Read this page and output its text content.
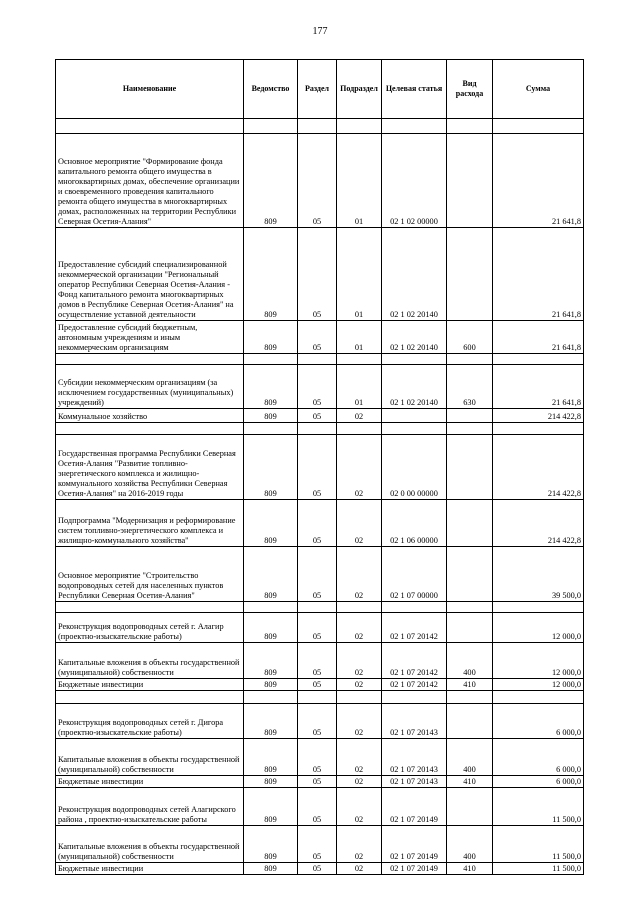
177
Наименование	Ведомство	Раздел	Подраздел	Целевая статья	Вид расхода	Сумма

Основное мероприятие "Формирование фонда капитального ремонта общего имущества в многоквартирных домах, обеспечение организации и своевременного проведения капитального ремонта общего имущества в многоквартирных домах, расположенных на территории Республики Северная Осетия-Алания"	809	05	01	02 1 02 00000		21 641,8
Предоставление субсидий специализированной некоммерческой организации "Региональный оператор Республики Северная Осетия-Алания - Фонд капитального ремонта многоквартирных домов в Республике Северная Осетия-Алания" на осуществление уставной деятельности	809	05	01	02 1 02 20140		21 641,8
Предоставление субсидий бюджетным, автономным учреждениям и иным некоммерческим организациям	809	05	01	02 1 02 20140	600	21 641,8

Субсидии некоммерческим организациям (за исключением государственных (муниципальных) учреждений)	809	05	01	02 1 02 20140	630	21 641,8
Коммунальное хозяйство	809	05	02			214 422,8

Государственная программа Республики Северная Осетия-Алания "Развитие топливно-энергетического комплекса и жилищно-коммунального хозяйства Республики Северная Осетия-Алания" на 2016-2019 годы	809	05	02	02 0 00 00000		214 422,8
Подпрограмма "Модернизация и реформирование систем топливно-энергетического комплекса и жилищно-коммунального хозяйства"	809	05	02	02 1 06 00000		214 422,8
Основное мероприятие "Строительство водопроводных сетей для населенных пунктов Республики Северная Осетия-Алания"	809	05	02	02 1 07 00000		39 500,0

Реконструкция водопроводных сетей г. Алагир (проектно-изыскательские работы)	809	05	02	02 1 07 20142		12 000,0
Капитальные вложения в объекты государственной (муниципальной) собственности	809	05	02	02 1 07 20142	400	12 000,0
Бюджетные инвестиции	809	05	02	02 1 07 20142	410	12 000,0

Реконструкция водопроводных сетей г. Дигора (проектно-изыскательские работы)	809	05	02	02 1 07 20143		6 000,0
Капитальные вложения в объекты государственной (муниципальной) собственности	809	05	02	02 1 07 20143	400	6 000,0
Бюджетные инвестиции	809	05	02	02 1 07 20143	410	6 000,0
Реконструкция водопроводных сетей Алагирского района , проектно-изыскательские работы	809	05	02	02 1 07 20149		11 500,0
Капитальные вложения в объекты государственной (муниципальной) собственности	809	05	02	02 1 07 20149	400	11 500,0
Бюджетные инвестиции	809	05	02	02 1 07 20149	410	11 500,0
